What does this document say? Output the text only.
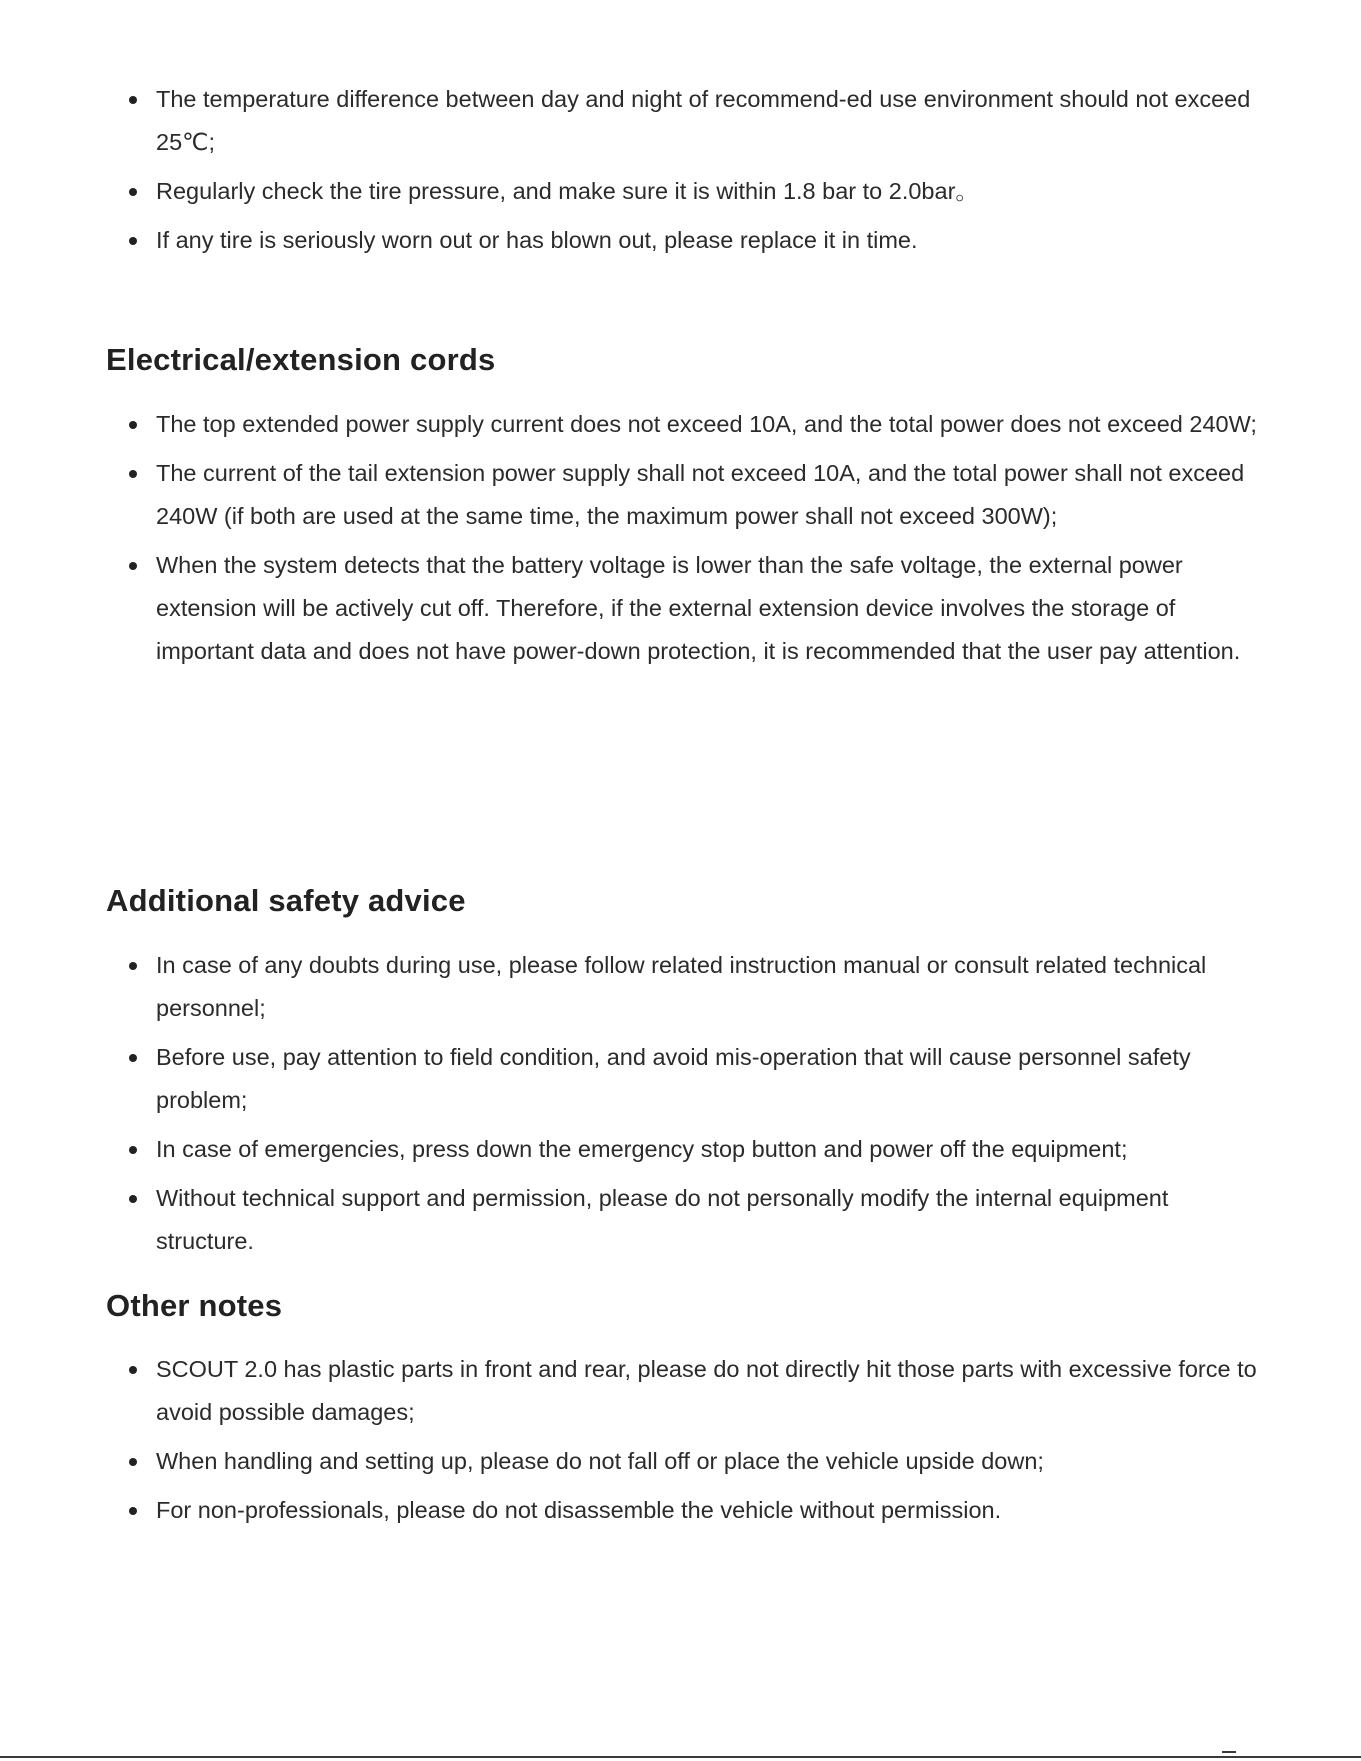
The temperature difference between day and night of recommend-ed use environment should not exceed 25℃;
Regularly check the tire pressure, and make sure it is within 1.8 bar to 2.0bar。
If any tire is seriously worn out or has blown out, please replace it in time.
Electrical/extension cords
The top extended power supply current does not exceed 10A, and the total power does not exceed 240W;
The current of the tail extension power supply shall not exceed 10A, and the total power shall not exceed 240W (if both are used at the same time, the maximum power shall not exceed 300W);
When the system detects that the battery voltage is lower than the safe voltage, the external power extension will be actively cut off. Therefore, if the external extension device involves the storage of important data and does not have power-down protection, it is recommended that the user pay attention.
Additional safety advice
In case of any doubts during use, please follow related instruction manual or consult related technical personnel;
Before use, pay attention to field condition, and avoid mis-operation that will cause personnel safety problem;
In case of emergencies, press down the emergency stop button and power off the equipment;
Without technical support and permission, please do not personally modify the internal equipment structure.
Other notes
SCOUT 2.0 has plastic parts in front and rear, please do not directly hit those parts with excessive force to avoid possible damages;
When handling and setting up, please do not fall off or place the vehicle upside down;
For non-professionals, please do not disassemble the vehicle without permission.
